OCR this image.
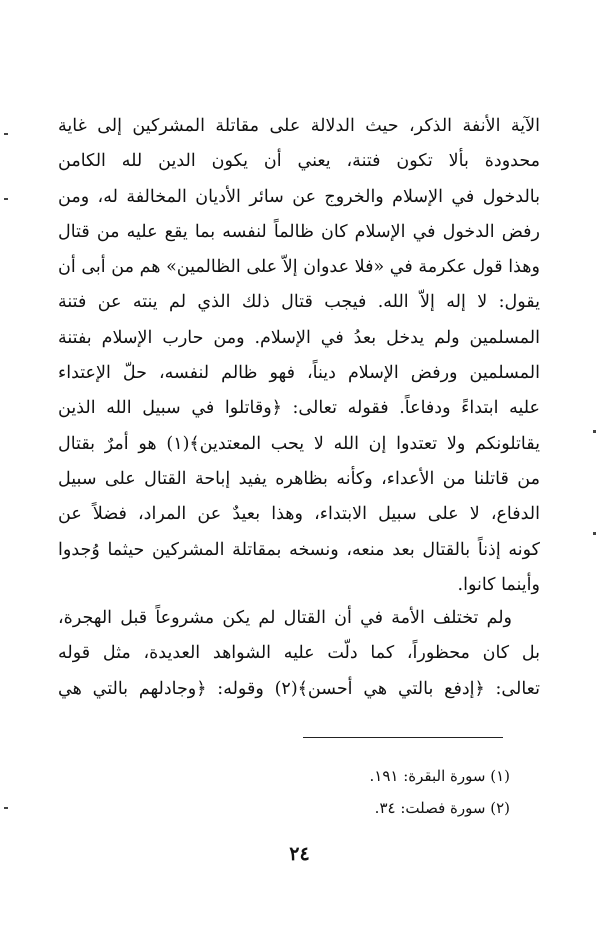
الآية الأنفة الذكر، حيث الدلالة على مقاتلة المشركين إلى غاية
محدودة بألا تكون فتنة، يعني أن يكون الدين لله الكامن
بالدخول في الإسلام والخروج عن سائر الأديان المخالفة له، ومن
رفض الدخول في الإسلام كان ظالماً لنفسه بما يقع عليه من قتال
وهذا قول عكرمة في «فلا عدوان إلاّ على الظالمين» هم من أبى أن
يقول: لا إله إلاّ الله. فيجب قتال ذلك الذي لم ينته عن فتنة
المسلمين ولم يدخل بعدُ في الإسلام. ومن حارب الإسلام بفتنة
المسلمين ورفض الإسلام ديناً، فهو ظالم لنفسه، حلّ الإعتداء
عليه ابتداءً ودفاعاً. فقوله تعالى: ﴿وقاتلوا في سبيل الله الذين
يقاتلونكم ولا تعتدوا إن الله لا يحب المعتدين﴾(١) هو أمرٌ بقتال
من قاتلنا من الأعداء، وكأنه بظاهره يفيد إباحة القتال على سبيل
الدفاع، لا على سبيل الابتداء، وهذا بعيدٌ عن المراد، فضلاً عن
كونه إذناً بالقتال بعد منعه، ونسخه بمقاتلة المشركين حيثما وُجدوا
وأينما كانوا.
ولم تختلف الأمة في أن القتال لم يكن مشروعاً قبل الهجرة،
بل كان محظوراً، كما دلّت عليه الشواهد العديدة، مثل قوله
تعالى: ﴿إدفع بالتي هي أحسن﴾(٢) وقوله: ﴿وجادلهم بالتي هي
(١) سورة البقرة: ١٩١.
(٢) سورة فصلت: ٣٤.
٢٤
